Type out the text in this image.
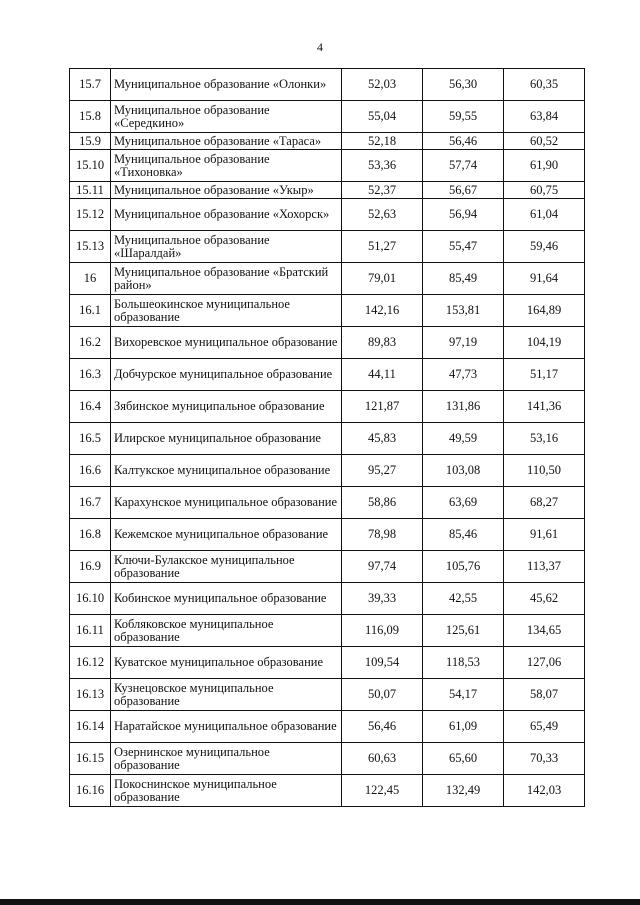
4
15.7	Муниципальное образование «Олонки»	52,03	56,30	60,35
15.8	Муниципальное образование «Середкино»	55,04	59,55	63,84
15.9	Муниципальное образование «Тараса»	52,18	56,46	60,52
15.10	Муниципальное образование «Тихоновка»	53,36	57,74	61,90
15.11	Муниципальное образование «Укыр»	52,37	56,67	60,75
15.12	Муниципальное образование «Хохорск»	52,63	56,94	61,04
15.13	Муниципальное образование «Шаралдай»	51,27	55,47	59,46
16	Муниципальное образование «Братский район»	79,01	85,49	91,64
16.1	Большеокинское муниципальное образование	142,16	153,81	164,89
16.2	Вихоревское муниципальное образование	89,83	97,19	104,19
16.3	Добчурское муниципальное образование	44,11	47,73	51,17
16.4	Зябинское муниципальное образование	121,87	131,86	141,36
16.5	Илирское муниципальное образование	45,83	49,59	53,16
16.6	Калтукское муниципальное образование	95,27	103,08	110,50
16.7	Карахунское муниципальное образование	58,86	63,69	68,27
16.8	Кежемское муниципальное образование	78,98	85,46	91,61
16.9	Ключи-Булакское муниципальное образование	97,74	105,76	113,37
16.10	Кобинское муниципальное образование	39,33	42,55	45,62
16.11	Кобляковское муниципальное образование	116,09	125,61	134,65
16.12	Куватское муниципальное образование	109,54	118,53	127,06
16.13	Кузнецовское муниципальное образование	50,07	54,17	58,07
16.14	Наратайское муниципальное образование	56,46	61,09	65,49
16.15	Озернинское муниципальное образование	60,63	65,60	70,33
16.16	Покоснинское муниципальное образование	122,45	132,49	142,03
